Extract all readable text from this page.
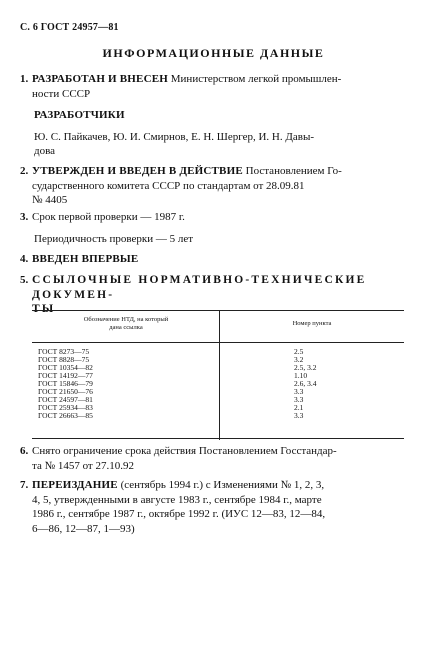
С. 6 ГОСТ 24957—81
ИНФОРМАЦИОННЫЕ ДАННЫЕ
1. РАЗРАБОТАН И ВНЕСЕН Министерством легкой промышлен-
ности СССР
РАЗРАБОТЧИКИ
Ю. С. Пайкачев, Ю. И. Смирнов, Е. Н. Шергер, И. Н. Давы-
дова
2. УТВЕРЖДЕН И ВВЕДЕН В ДЕЙСТВИЕ Постановлением Го-
сударственного комитета СССР по стандартам от 28.09.81
№ 4405
3. Срок первой проверки — 1987 г.
Периодичность проверки — 5 лет
4. ВВЕДЕН ВПЕРВЫЕ
5. ССЫЛОЧНЫЕ НОРМАТИВНО-ТЕХНИЧЕСКИЕ ДОКУМЕН-
ТЫ
Обозначение НТД, на который
дана ссылка
Номер пункта
ГОСТ 8273—75	2.5
ГОСТ 8828—75	3.2
ГОСТ 10354—82	2.5, 3.2
ГОСТ 14192—77	1.10
ГОСТ 15846—79	2.6, 3.4
ГОСТ 21650—76	3.3
ГОСТ 24597—81	3.3
ГОСТ 25934—83	2.1
ГОСТ 26663—85	3.3
6. Снято ограничение срока действия Постановлением Госстандар-
та № 1457 от 27.10.92
7. ПЕРЕИЗДАНИЕ (сентябрь 1994 г.) с Изменениями № 1, 2, 3,
4, 5, утвержденными в августе 1983 г., сентябре 1984 г., марте
1986 г., сентябре 1987 г., октябре 1992 г. (ИУС 12—83, 12—84,
6—86, 12—87, 1—93)
